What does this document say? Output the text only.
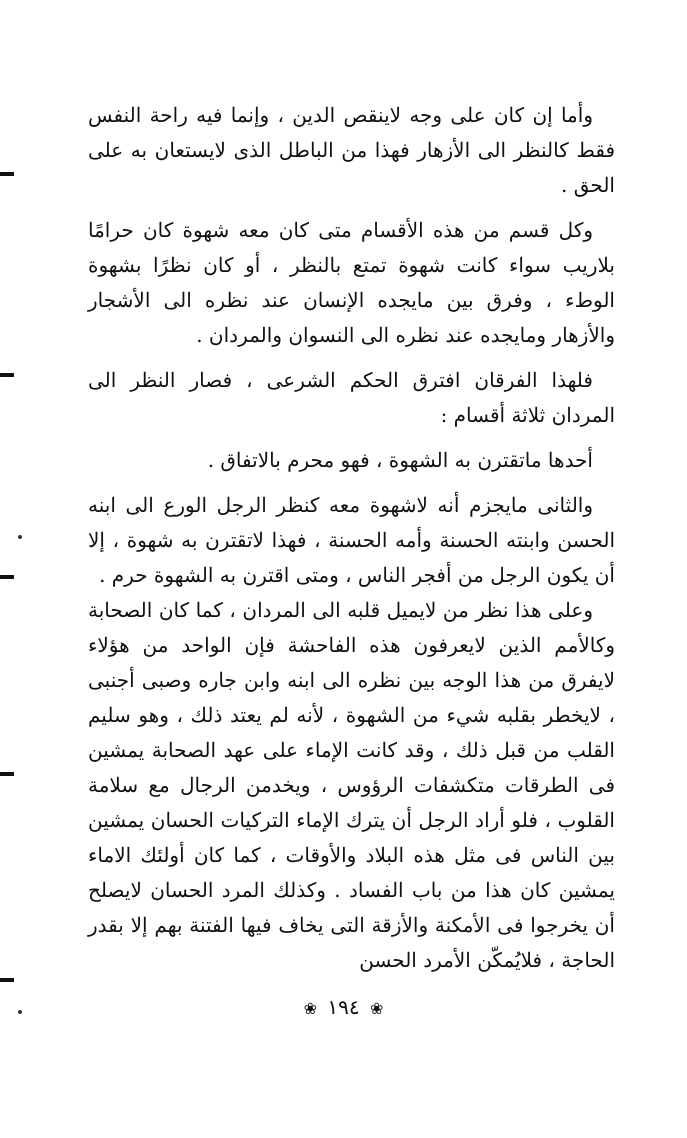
وأما إن كان على وجه لاينقص الدين ، وإنما فيه راحة النفس فقط كالنظر الى الأزهار فهذا من الباطل الذى لايستعان به على الحق .

وكل قسم من هذه الأقسام متى كان معه شهوة كان حرامًا بلاريب سواء كانت شهوة تمتع بالنظر ، أو كان نظرًا بشهوة الوطء ، وفرق بين مايجده الإنسان عند نظره الى الأشجار والأزهار ومايجده عند نظره الى النسوان والمردان .

فلهذا الفرقان افترق الحكم الشرعى ، فصار النظر الى المردان ثلاثة أقسام :

أحدها ماتقترن به الشهوة ، فهو محرم بالاتفاق .

والثانى مايجزم أنه لاشهوة معه كنظر الرجل الورع الى ابنه الحسن وابنته الحسنة وأمه الحسنة ، فهذا لاتقترن به شهوة ، إلا أن يكون الرجل من أفجر الناس ، ومتى اقترن به الشهوة حرم .

وعلى هذا نظر من لايميل قلبه الى المردان ، كما كان الصحابة وكالأمم الذين لايعرفون هذه الفاحشة فإن الواحد من هؤلاء لايفرق من هذا الوجه بين نظره الى ابنه وابن جاره وصبى أجنبى ، لايخطر بقلبه شيء من الشهوة ، لأنه لم يعتد ذلك ، وهو سليم القلب من قبل ذلك ، وقد كانت الإماء على عهد الصحابة يمشين فى الطرقات متكشفات الرؤوس ، ويخدمن الرجال مع سلامة القلوب ، فلو أراد الرجل أن يترك الإماء التركيات الحسان يمشين بين الناس فى مثل هذه البلاد والأوقات ، كما كان أولئك الاماء يمشين كان هذا من باب الفساد . وكذلك المرد الحسان لايصلح أن يخرجوا فى الأمكنة والأزقة التى يخاف فيها الفتنة بهم إلا بقدر الحاجة ، فلايُمكّن الأمرد الحسن

❀ ١٩٤ ❀
